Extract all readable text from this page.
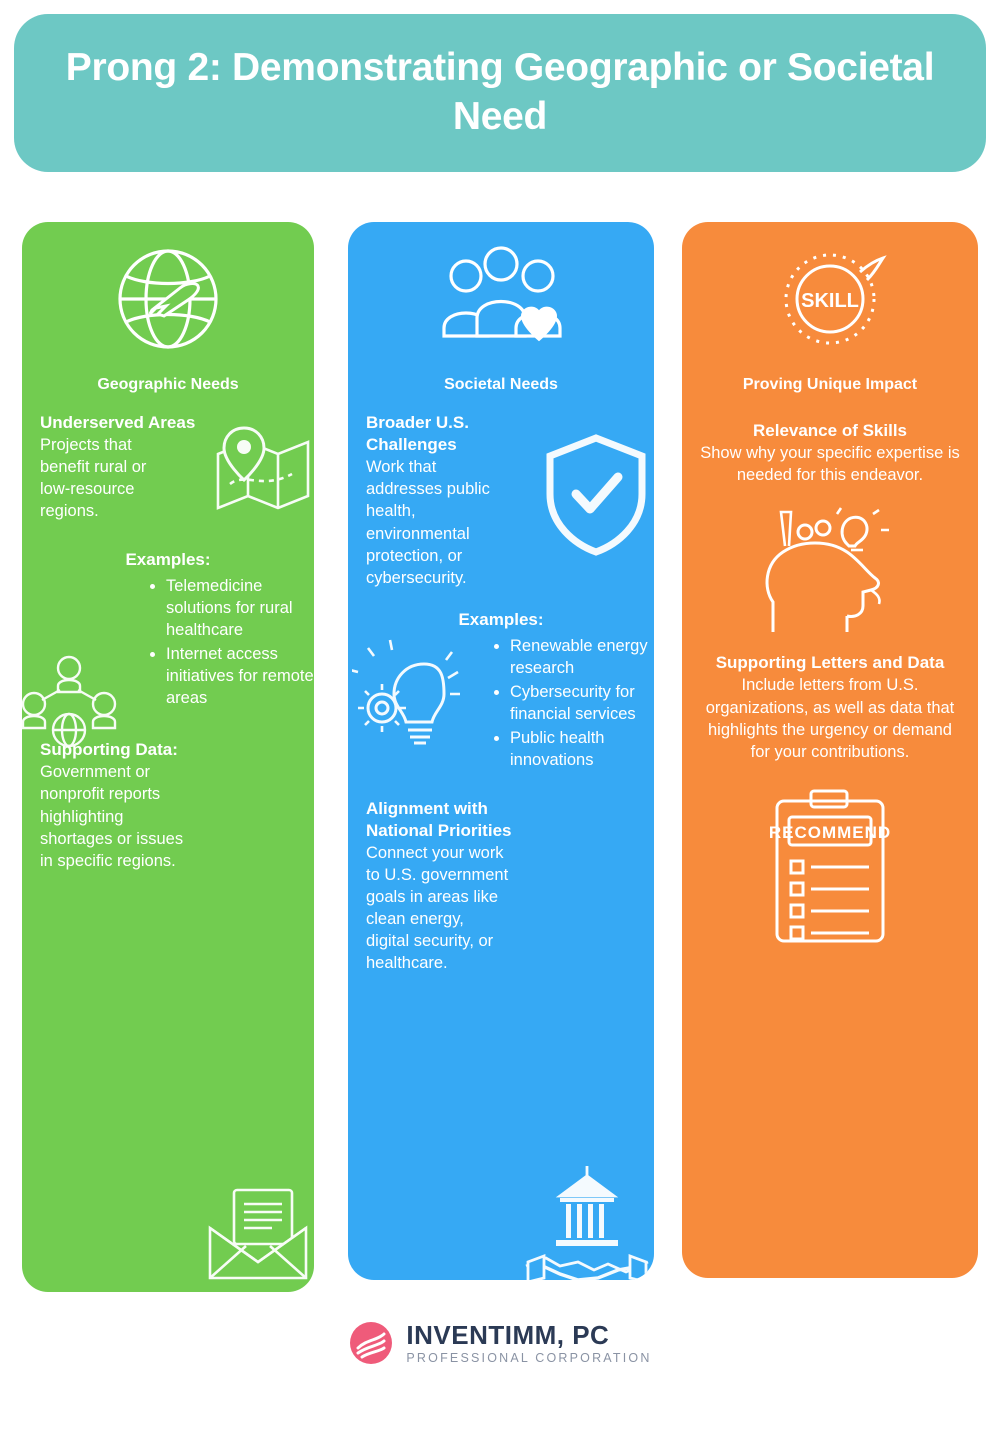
Prong 2: Demonstrating Geographic or Societal Need
Geographic Needs
Underserved Areas
Projects that benefit rural or low-resource regions.
Examples:
• Telemedicine solutions for rural healthcare
• Internet access initiatives for remote areas
Supporting Data:
Government or nonprofit reports highlighting shortages or issues in specific regions.
Societal Needs
Broader U.S. Challenges
Work that addresses public health, environmental protection, or cybersecurity.
Examples:
• Renewable energy research
• Cybersecurity for financial services
• Public health innovations
Alignment with National Priorities
Connect your work to U.S. government goals in areas like clean energy, digital security, or healthcare.
SKILL
Proving Unique Impact
Relevance of Skills
Show why your specific expertise is needed for this endeavor.
Supporting Letters and Data
Include letters from U.S. organizations, as well as data that highlights the urgency or demand for your contributions.
RECOMMEND
INVENTIMM, PC
PROFESSIONAL CORPORATION
